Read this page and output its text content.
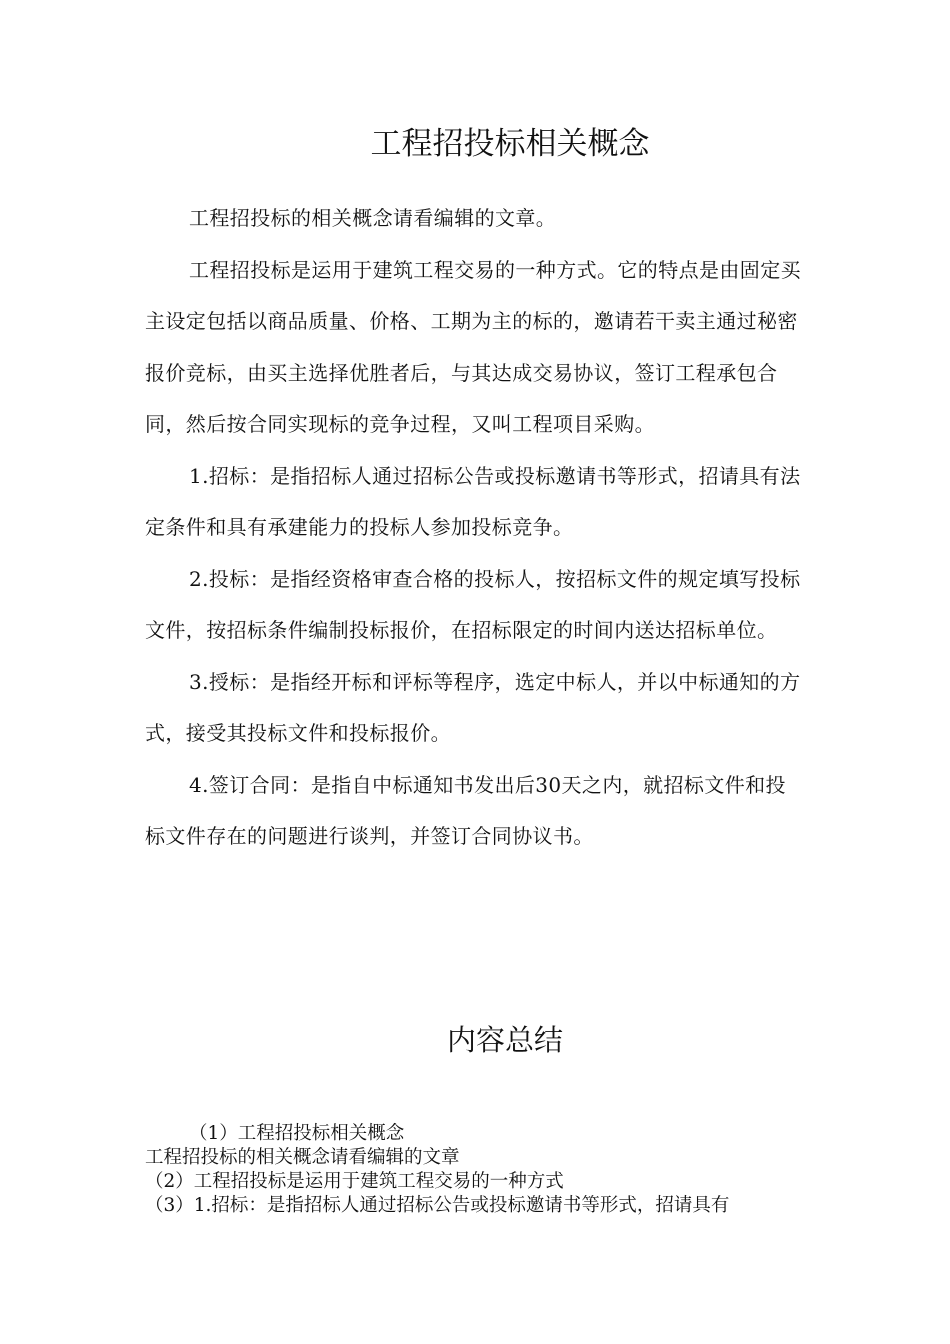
工程招投标相关概念

工程招投标的相关概念请看编辑的文章。

工程招投标是运用于建筑工程交易的一种方式。它的特点是由固定买主设定包括以商品质量、价格、工期为主的标的，邀请若干卖主通过秘密报价竞标，由买主选择优胜者后，与其达成交易协议，签订工程承包合同，然后按合同实现标的竞争过程，又叫工程项目采购。

1.招标：是指招标人通过招标公告或投标邀请书等形式，招请具有法定条件和具有承建能力的投标人参加投标竞争。

2.投标：是指经资格审查合格的投标人，按招标文件的规定填写投标文件，按招标条件编制投标报价，在招标限定的时间内送达招标单位。

3.授标：是指经开标和评标等程序，选定中标人，并以中标通知的方式，接受其投标文件和投标报价。

4.签订合同：是指自中标通知书发出后30天之内，就招标文件和投标文件存在的问题进行谈判，并签订合同协议书。

内容总结
（1）工程招投标相关概念
工程招投标的相关概念请看编辑的文章
（2）工程招投标是运用于建筑工程交易的一种方式
（3）1.招标：是指招标人通过招标公告或投标邀请书等形式，招请具有
